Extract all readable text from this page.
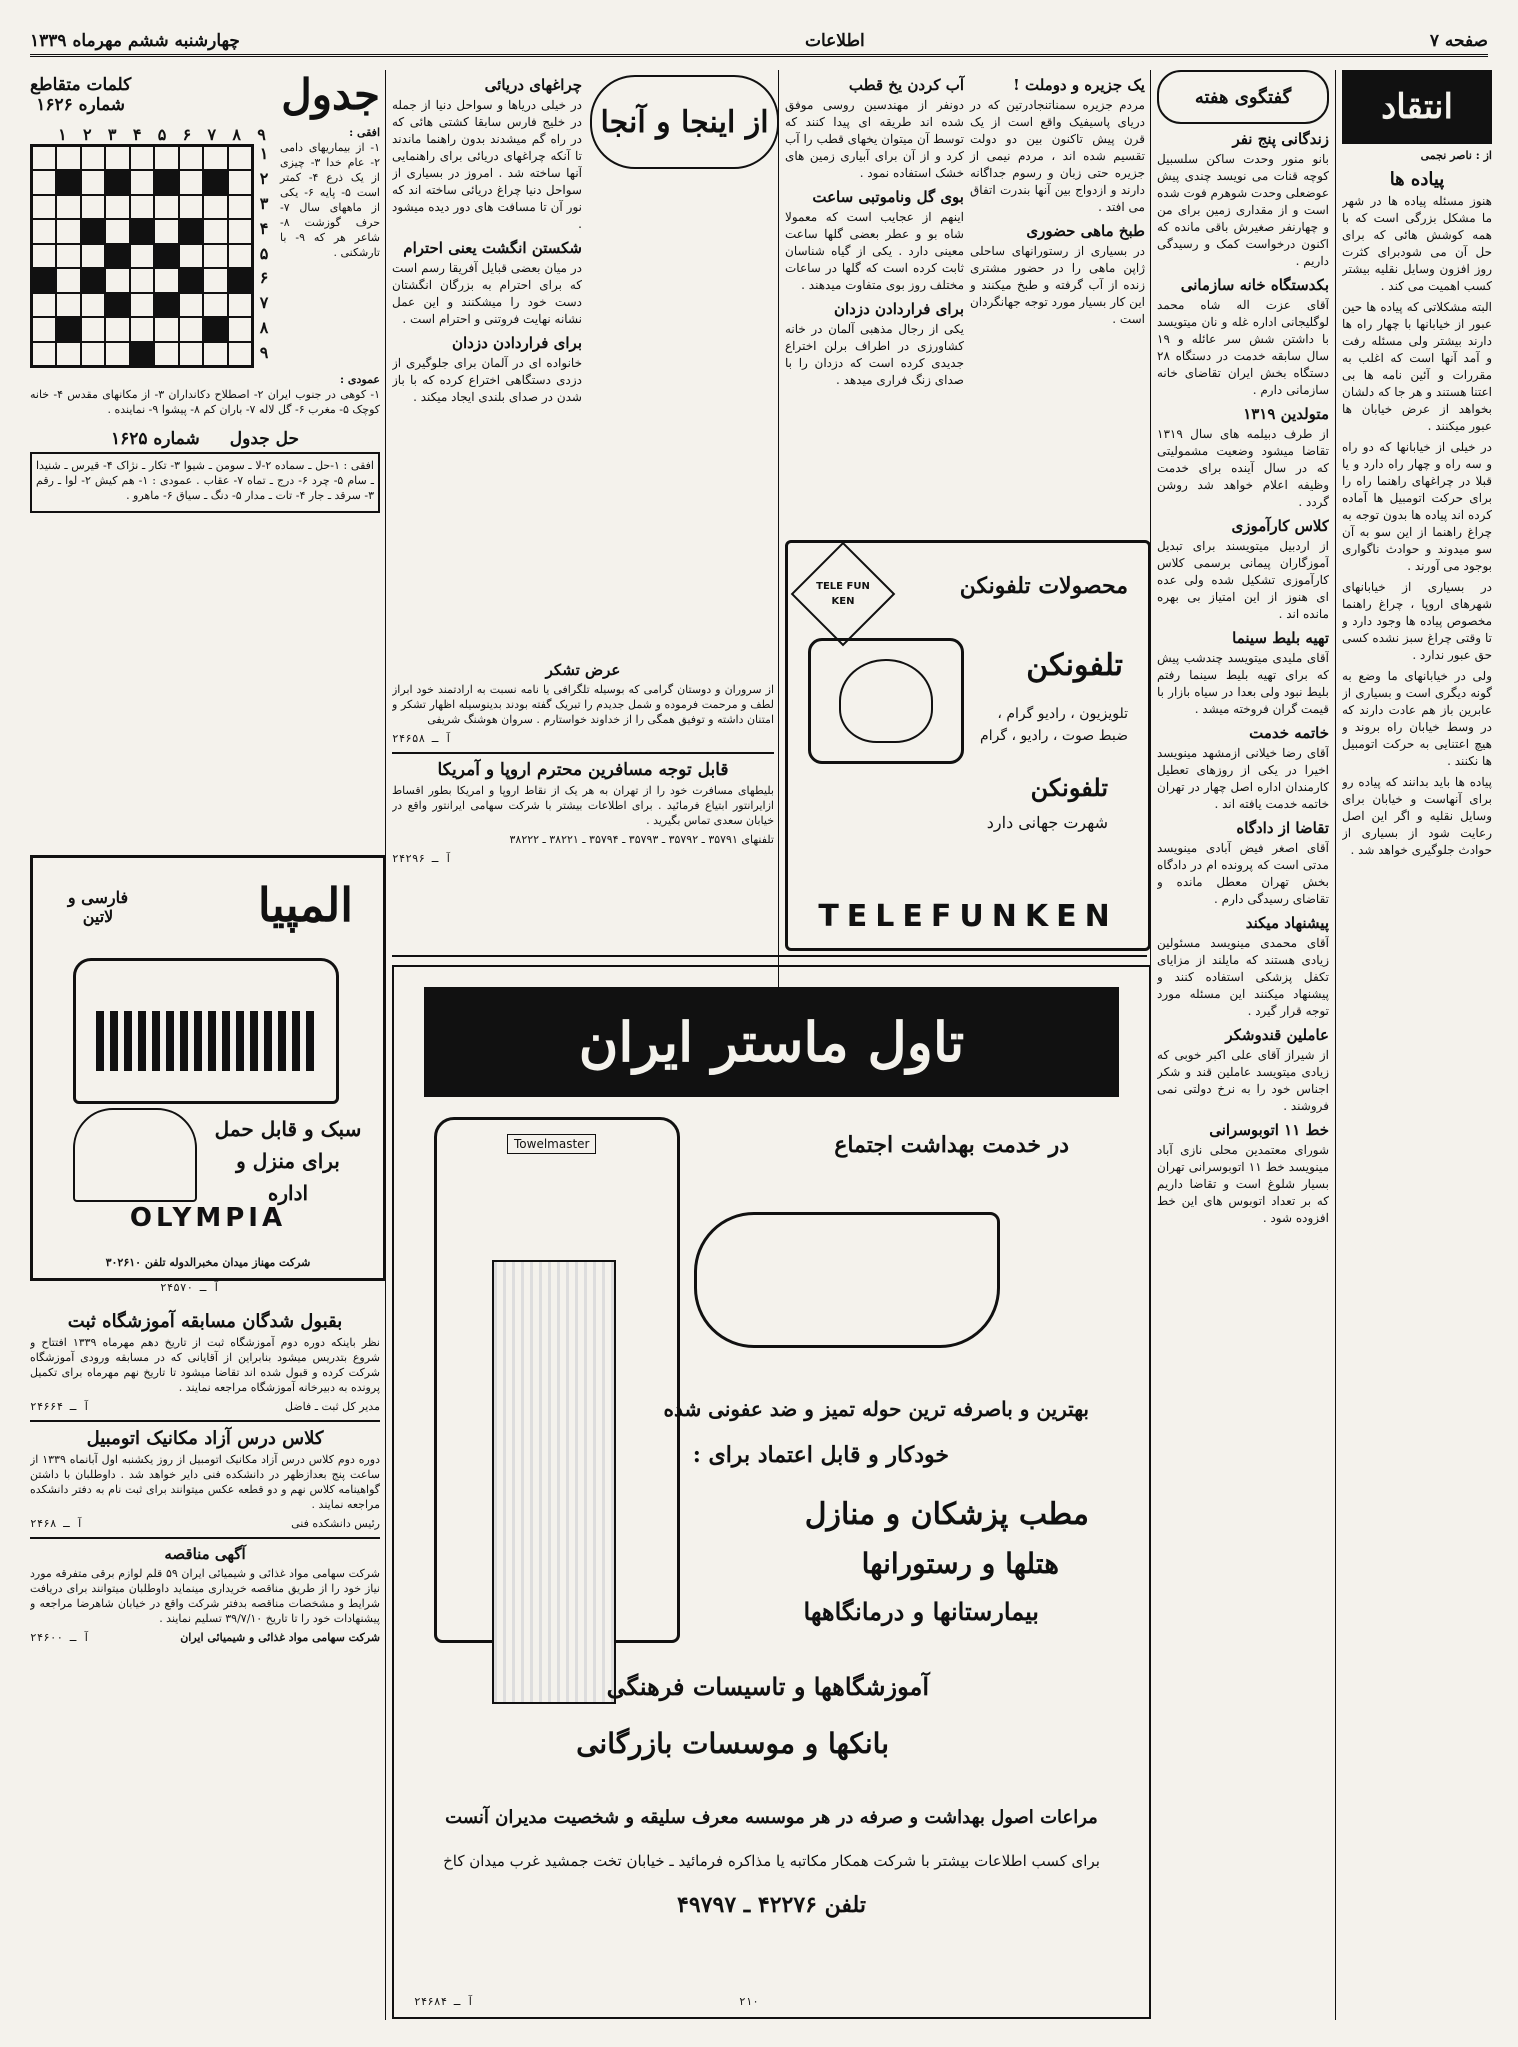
صفحه ۷
اطلاعات
چهارشنبه ششم مهرماه ۱۳۳۹
انتقاد
از : ناصر نجمی
پیاده ها

هنوز مسئله پیاده ها در شهر ما مشکل بزرگی است که با همه کوشش هائی که برای حل آن می شودبرای کثرت روز افزون وسایل نقلیه بیشتر کسب اهمیت می کند .

البته مشکلاتی که پیاده ها حین عبور از خیابانها با چهار راه ها دارند بیشتر ولی مسئله رفت و آمد آنها است که اغلب به مقررات و آئین نامه ها بی اعتنا هستند و هر جا که دلشان بخواهد از عرض خیابان ها عبور میکنند .

در خیلی از خیابانها که دو راه و سه راه و چهار راه دارد و یا قبلا در چراغهای راهنما راه را برای حرکت اتومبیل ها آماده کرده اند پیاده ها بدون توجه به چراغ راهنما از این سو به آن سو میدوند و حوادث ناگواری بوجود می آورند .

در بسیاری از خیابانهای شهرهای اروپا ، چراغ راهنما مخصوص پیاده ها وجود دارد و تا وقتی چراغ سبز نشده کسی حق عبور ندارد .

ولی در خیابانهای ما وضع به گونه دیگری است و بسیاری از عابرین باز هم عادت دارند که در وسط خیابان راه بروند و هیچ اعتنایی به حرکت اتومبیل ها نکنند .

پیاده ها باید بدانند که پیاده رو برای آنهاست و خیابان برای وسایل نقلیه و اگر این اصل رعایت شود از بسیاری از حوادث جلوگیری خواهد شد .

گفتگوی هفته
زندگانی پنج نفر

بانو منور وحدت ساکن سلسبیل کوچه قنات می نویسد چندی پیش عوضعلی وحدت شوهرم فوت شده است و از مقداری زمین برای من و چهارنفر صغیرش باقی مانده که اکنون درخواست کمک و رسیدگی داریم .

بکدستگاه خانه سازمانی

آقای عزت اله شاه محمد لوگلیجانی اداره غله و نان میتویسد با داشتن شش سر عائله و ۱۹ سال سابقه خدمت در دستگاه ۲۸ دستگاه بخش ایران تقاضای خانه سازمانی دارم .

متولدین ۱۳۱۹

از طرف دبیلمه های سال ۱۳۱۹ تقاضا میشود وضعیت مشمولیتی که در سال آینده برای خدمت وظیفه اعلام خواهد شد روشن گردد .

کلاس کارآموزی

از اردبیل میتویسند برای تبدیل آموزگاران پیمانی برسمی کلاس کارآموزی تشکیل شده ولی عده ای هنوز از این امتیاز بی بهره مانده اند .

تهیه بلیط سینما

آقای ملیدی میتویسد چندشب پیش که برای تهیه بلیط سینما رفتم بلیط نبود ولی بعدا در سیاه بازار با قیمت گران فروخته میشد .

خاتمه خدمت

آقای رضا خیلانی ازمشهد مینویسد اخیرا در یکی از روزهای تعطیل کارمندان اداره اصل چهار در تهران خاتمه خدمت یافته اند .

تقاضا از دادگاه

آقای اصغر فیض آبادی مینویسد مدتی است که پرونده ام در دادگاه بخش تهران معطل مانده و تقاضای رسیدگی دارم .

پیشنهاد میکند

آقای محمدی مینویسد مسئولین زیادی هستند که مایلند از مزایای تکفل پزشکی استفاده کنند و پیشنهاد میکنند این مسئله مورد توجه قرار گیرد .

عاملین قندوشکر

از شیراز آقای علی اکبر خوبی که زیادی میتویسد عاملین قند و شکر اجناس خود را به نرخ دولتی نمی فروشند .

خط ۱۱ اتوبوسرانی

شورای معتمدین محلی نازی آباد مینویسد خط ۱۱ اتوبوسرانی تهران بسیار شلوغ است و تقاضا داریم که بر تعداد اتوبوس های این خط افزوده شود .

یک جزیره و دوملت !

مردم جزیره سمناتنجادرتین که در دریای پاسیفیک واقع است از یک قرن پیش تاکنون بین دو دولت تقسیم شده اند ، مردم نیمی از جزیره حتی زبان و رسوم جداگانه دارند و ازدواج بین آنها بندرت اتفاق می افتد .

طبخ ماهی حضوری

در بسیاری از رستورانهای ساحلی ژاپن ماهی را در حضور مشتری زنده از آب گرفته و طبخ میکنند و این کار بسیار مورد توجه جهانگردان است .

آب کردن یخ قطب

دونفر از مهندسین روسی موفق شده اند طریقه ای پیدا کنند که توسط آن میتوان یخهای قطب را آب کرد و از آن برای آبیاری زمین های خشک استفاده نمود .

بوی گل وناموتبی ساعت

اینهم از عجایب است که معمولا شاه بو و عطر بعضی گلها ساعت معینی دارد . یکی از گیاه شناسان ثابت کرده است که گلها در ساعات مختلف روز بوی متفاوت میدهند .

برای فراردادن دزدان

یکی از رجال مذهبی آلمان در خانه کشاورزی در اطراف برلن اختراع جدیدی کرده است که دزدان را با صدای زنگ فراری میدهد .

از اینجا و آنجا
چراغهای دریائی

در خیلی دریاها و سواحل دنیا از جمله در خلیج فارس سابقا کشتی هائی که در راه گم میشدند بدون راهنما ماندند تا آنکه چراغهای دریائی برای راهنمایی آنها ساخته شد . امروز در بسیاری از سواحل دنیا چراغ دریائی ساخته اند که نور آن تا مسافت های دور دیده میشود .

شکستن انگشت یعنی احترام

در میان بعضی قبایل آفریقا رسم است که برای احترام به بزرگان انگشتان دست خود را میشکنند و این عمل نشانه نهایت فروتنی و احترام است .

برای فراردادن دزدان

خانواده ای در آلمان برای جلوگیری از دزدی دستگاهی اختراع کرده که با باز شدن در صدای بلندی ایجاد میکند .

عرض تشکر

از سروران و دوستان گرامی که بوسیله تلگرافی یا نامه نسبت به ارادتمند خود ابراز لطف و مرحمت فرموده و شمل جدیدم را تبریک گفته بودند بدینوسیله اظهار تشکر و امتنان داشته و توفیق همگی را از خداوند خواستارم . سروان هوشنگ شریفی

آ ـ ۲۴۶۵۸
قابل توجه مسافرین محترم اروپا و آمریکا

بلیطهای مسافرت خود را از تهران به هر یک از نقاط اروپا و امریکا بطور اقساط ازایرانتور ابتیاع فرمائید . برای اطلاعات بیشتر با شرکت سهامی ایرانتور واقع در خیابان سعدی تماس بگیرید .

تلفنهای ۳۵۷۹۱ ـ ۳۵۷۹۲ ـ ۳۵۷۹۳ ـ ۳۵۷۹۴ ـ ۳۸۲۲۱ ـ ۳۸۲۲۲

آ ـ ۲۴۲۹۶
TELE FUN KEN
محصولات تلفونکن
تلفونکن
تلویزیون ، رادیو گرام ، ضبط صوت ، رادیو ، گرام
تلفونکن
شهرت جهانی دارد
TELEFUNKEN
جدول
کلمات متقاطع
شماره ۱۶۲۶
افقی :

۱- از بیماریهای دامی ۲- عام خدا ۳- چیزی از یک ذرع ۴- کمتر است ۵- پایه ۶- یکی از ماههای سال ۷- حرف گوزشت ۸- شاعر هر که ۹- با تارشکنی .

۹
۸
۷
۶
۵
۴
۳
۲
۱
۱
۲
۳
۴
۵
۶
۷
۸
۹
عمودی :

۱- کوهی در جنوب ایران ۲- اصطلاح دکانداران ۳- از مکانهای مقدس ۴- خانه کوچک ۵- مغرب ۶- گل لاله ۷- باران کم ۸- پیشوا ۹- نماینده .

حل جدول
شماره ۱۶۲۵

افقی : ۱-حل ـ سماده ۲-لا ـ سومن ـ شیوا ۳- تکار ـ نژاک ۴- قیرس ـ شنیدا ـ سام ۵- چرد ۶- درج ـ تماه ۷- عقاب . عمودی : ۱- هم کیش ۲- لوا ـ رقم ۳- سرقد ـ جار ۴- تات ـ مدار ۵- دنگ ـ سیاق ۶- ماهرو .

المپیا
فارسی و لاتین
سبک و قابل حمل برای منزل و اداره
OLYMPIA
شرکت مهناز میدان مخبرالدوله تلفن ۳۰۲۶۱۰
آ ـ ۲۴۵۷۰
بقبول شدگان مسابقه آموزشگاه ثبت

نظر باینکه دوره دوم آموزشگاه ثبت از تاریخ دهم مهرماه ۱۳۳۹ افتتاح و شروع بتدریس میشود بنابراین از آقایانی که در مسابقه ورودی آموزشگاه شرکت کرده و قبول شده اند تقاضا میشود تا تاریخ نهم مهرماه برای تکمیل پرونده به دبیرخانه آموزشگاه مراجعه نمایند .

مدیر کل ثبت ـ فاضل
آ ـ ۲۴۶۶۴
کلاس درس آزاد مکانیک اتومبیل

دوره دوم کلاس درس آزاد مکانیک اتومبیل از روز یکشنبه اول آبانماه ۱۳۳۹ از ساعت پنج بعدازظهر در دانشکده فنی دایر خواهد شد . داوطلبان با داشتن گواهینامه کلاس نهم و دو قطعه عکس میتوانند برای ثبت نام به دفتر دانشکده مراجعه نمایند .

رئیس دانشکده فنی
آ ـ ۲۴۶۸
آگهی مناقصه

شرکت سهامی مواد غذائی و شیمیائی ایران ۵۹ قلم لوازم برقی متفرقه مورد نیاز خود را از طریق مناقصه خریداری مینماید داوطلبان میتوانند برای دریافت شرایط و مشخصات مناقصه بدفتر شرکت واقع در خیابان شاهرضا مراجعه و پیشنهادات خود را تا تاریخ ۳۹/۷/۱۰ تسلیم نمایند .

شرکت سهامی مواد غذائی و شیمیائی ایران
آ ـ ۲۴۶۰۰
تاول ماستر ایران
Towelmaster	در خدمت بهداشت اجتماع
بهترین و باصرفه ترین حوله تمیز و ضد عفونی شده
خودکار و قابل اعتماد برای :
مطب پزشکان و منازل
هتلها و رستورانها
بیمارستانها و درمانگاهها
آموزشگاهها و تاسیسات فرهنگی
بانکها و موسسات بازرگانی
مراعات اصول بهداشت و صرفه در هر موسسه معرف سلیقه و شخصیت مدیران آنست
برای کسب اطلاعات بیشتر با شرکت همکار مکاتبه یا مذاکره فرمائید ـ خیابان تخت جمشید غرب میدان کاخ
تلفن ۴۲۲۷۶ ـ ۴۹۷۹۷
۲۱۰
آ ـ ۲۴۶۸۴
